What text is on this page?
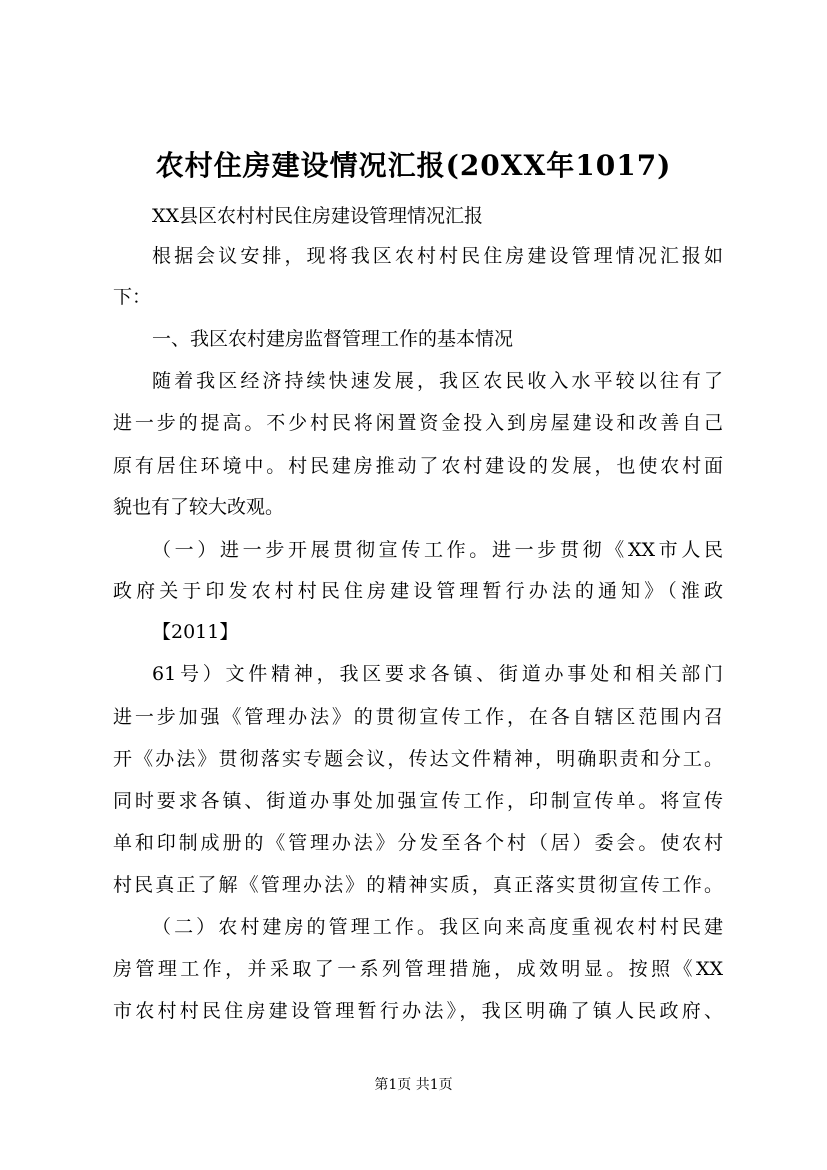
农村住房建设情况汇报(20XX年1017)
XX县区农村村民住房建设管理情况汇报
根据会议安排，现将我区农村村民住房建设管理情况汇报如
下：
一、我区农村建房监督管理工作的基本情况
随着我区经济持续快速发展，我区农民收入水平较以往有了
进一步的提高。不少村民将闲置资金投入到房屋建设和改善自己
原有居住环境中。村民建房推动了农村建设的发展，也使农村面
貌也有了较大改观。
（一）进一步开展贯彻宣传工作。进一步贯彻《XX市人民
政府关于印发农村村民住房建设管理暂行办法的通知》（淮政
【2011】
61号）文件精神，我区要求各镇、街道办事处和相关部门
进一步加强《管理办法》的贯彻宣传工作，在各自辖区范围内召
开《办法》贯彻落实专题会议，传达文件精神，明确职责和分工。
同时要求各镇、街道办事处加强宣传工作，印制宣传单。将宣传
单和印制成册的《管理办法》分发至各个村（居）委会。使农村
村民真正了解《管理办法》的精神实质，真正落实贯彻宣传工作。
（二）农村建房的管理工作。我区向来高度重视农村村民建
房管理工作，并采取了一系列管理措施，成效明显。按照《XX
市农村村民住房建设管理暂行办法》，我区明确了镇人民政府、
第1页 共1页
